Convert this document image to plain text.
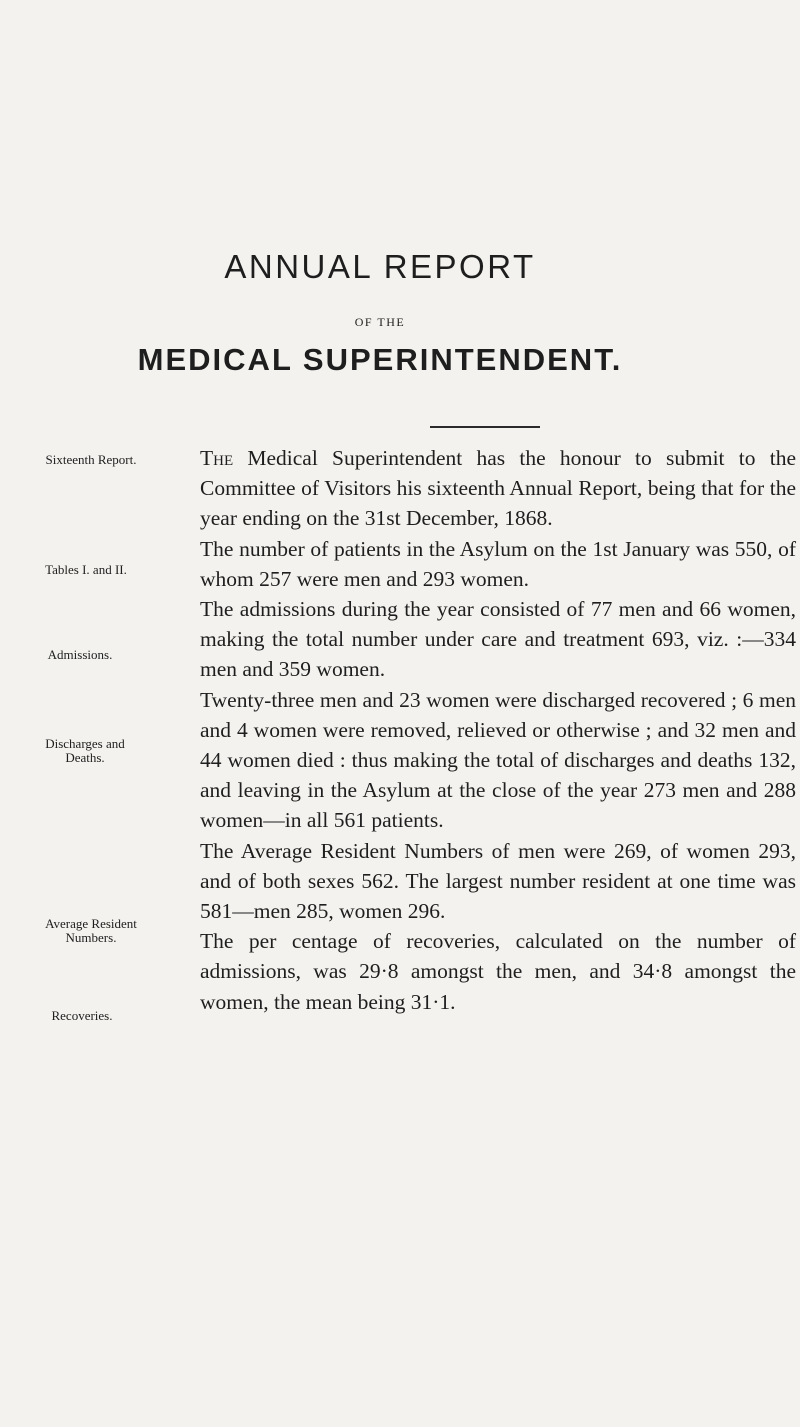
ANNUAL REPORT
OF THE
MEDICAL SUPERINTENDENT.
Sixteenth Report.
Tables I. and II.
Admissions.
Discharges and Deaths.
Average Resident Numbers.
Recoveries.

The Medical Superintendent has the honour to submit to the Committee of Visitors his sixteenth Annual Report, being that for the year ending on the 31st December, 1868.

The number of patients in the Asylum on the 1st January was 550, of whom 257 were men and 293 women.

The admissions during the year consisted of 77 men and 66 women, making the total number under care and treatment 693, viz. :—334 men and 359 women.

Twenty-three men and 23 women were discharged recovered ; 6 men and 4 women were removed, relieved or otherwise ; and 32 men and 44 women died : thus making the total of discharges and deaths 132, and leaving in the Asylum at the close of the year 273 men and 288 women—in all 561 patients.

The Average Resident Numbers of men were 269, of women 293, and of both sexes 562. The largest number resident at one time was 581—men 285, women 296.

The per centage of recoveries, calculated on the number of admissions, was 29·8 amongst the men, and 34·8 amongst the women, the mean being 31·1.
